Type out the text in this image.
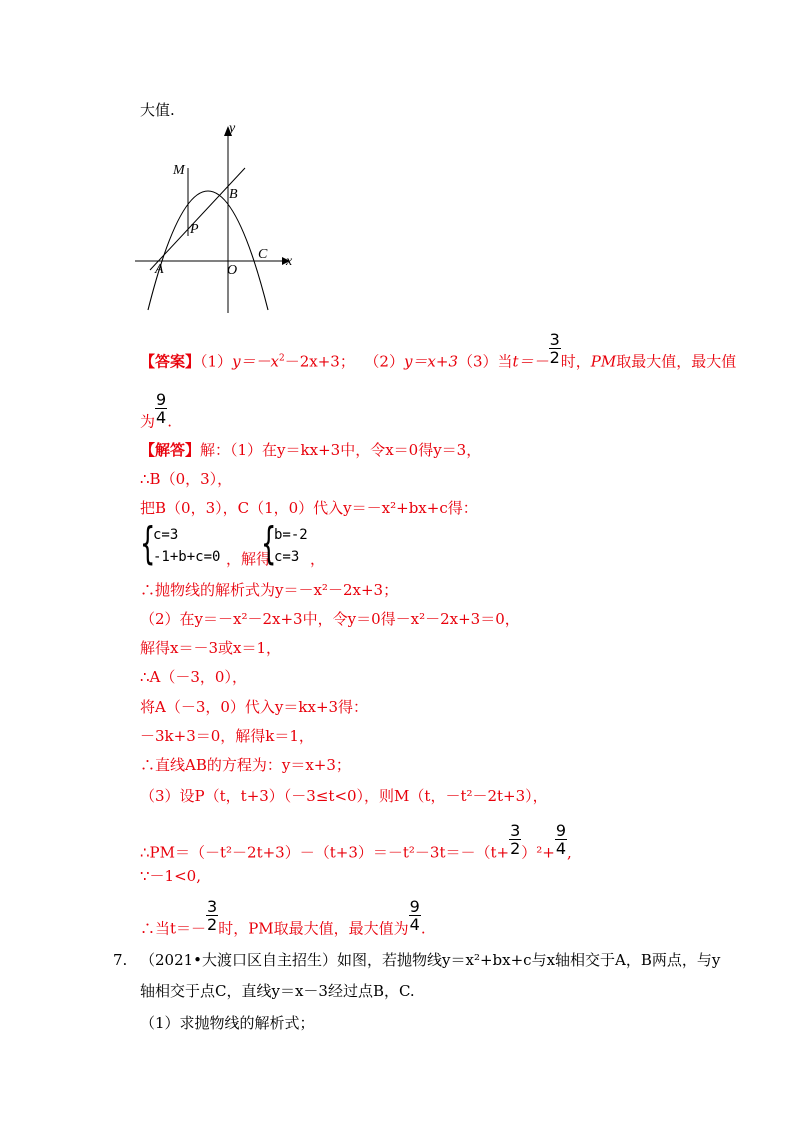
大值.
y
x
M
B
P
A	O
C
【答案】$(1)y=-x^2-2x+3$； （2）y＝x+3（3）当$t=- \frac{3}{2}$ 时，PM取最大值，最大值
为 $\frac{9}{4}$ .
【解答】解：（1）在y＝kx+3中，令x＝0得y＝3，
∴B（0，3），
把B（0，3），C（1，0）代入y＝－x²+bx+c得：
{
c=3
-1+b+c=0 ，解得
{
b=-2
c=3 ，
∴抛物线的解析式为y＝－x²－2x+3；
（2）在y＝－x²－2x+3中，令y＝0得－x²－2x+3＝0，
解得x＝－3或x＝1，
∴A（－3，0），
将A（－3，0）代入y＝kx+3得：
－3k+3＝0，解得k＝1，
∴直线AB的方程为：y＝x+3；
（3）设P（t，t+3）（－3≤t<0），则M（t，－t²－2t+3），
∴PM＝（－t²－2t+3）－（t+3）＝－t²－3t＝－（t+ $\frac{3}{2} )^2+ \frac{9}{4}$ ,
∵－1<0,
∴当$t=- \frac{3}{2}$ 时，PM取最大值，最大值为 $\frac{9}{4}$ .
7. （2021•大渡口区自主招生）如图，若抛物线y＝x²+bx+c与x轴相交于A，B两点，与y
轴相交于点C，直线y＝x－3经过点B，C.
（1）求抛物线的解析式；
